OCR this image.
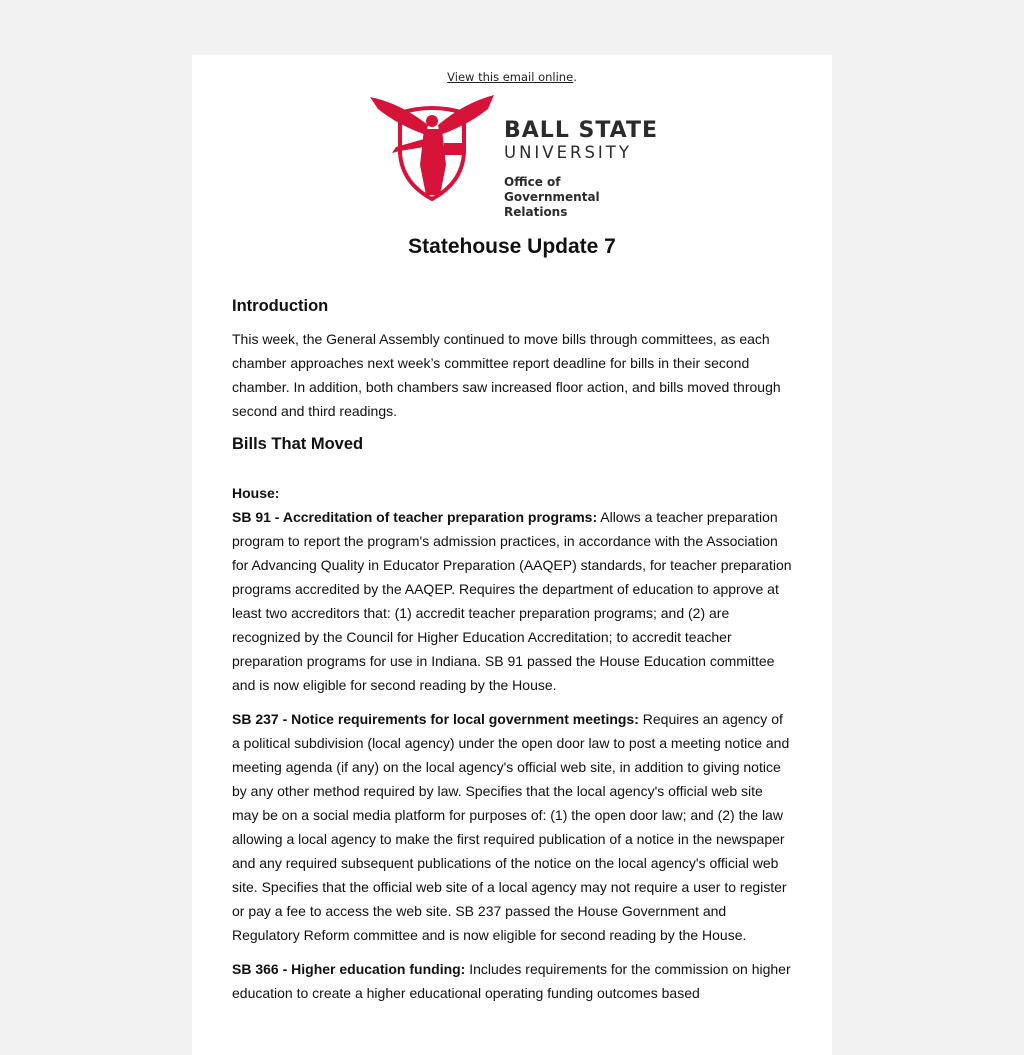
View this email online.
BALL STATE
UNIVERSITY
Office of
Governmental Relations
Statehouse Update 7
Introduction

This week, the General Assembly continued to move bills through committees, as each chamber approaches next week’s committee report deadline for bills in their second chamber. In addition, both chambers saw increased floor action, and bills moved through second and third readings.

Bills That Moved
House:

SB 91 - Accreditation of teacher preparation programs: Allows a teacher preparation program to report the program's admission practices, in accordance with the Association for Advancing Quality in Educator Preparation (AAQEP) standards, for teacher preparation programs accredited by the AAQEP. Requires the department of education to approve at least two accreditors that: (1) accredit teacher preparation programs; and (2) are recognized by the Council for Higher Education Accreditation; to accredit teacher preparation programs for use in Indiana. SB 91 passed the House Education committee and is now eligible for second reading by the House.

SB 237 - Notice requirements for local government meetings: Requires an agency of a political subdivision (local agency) under the open door law to post a meeting notice and meeting agenda (if any) on the local agency's official web site, in addition to giving notice by any other method required by law. Specifies that the local agency's official web site may be on a social media platform for purposes of: (1) the open door law; and (2) the law allowing a local agency to make the first required publication of a notice in the newspaper and any required subsequent publications of the notice on the local agency's official web site. Specifies that the official web site of a local agency may not require a user to register or pay a fee to access the web site. SB 237 passed the House Government and Regulatory Reform committee and is now eligible for second reading by the House.

SB 366 - Higher education funding: Includes requirements for the commission on higher education to create a higher educational operating funding outcomes based
